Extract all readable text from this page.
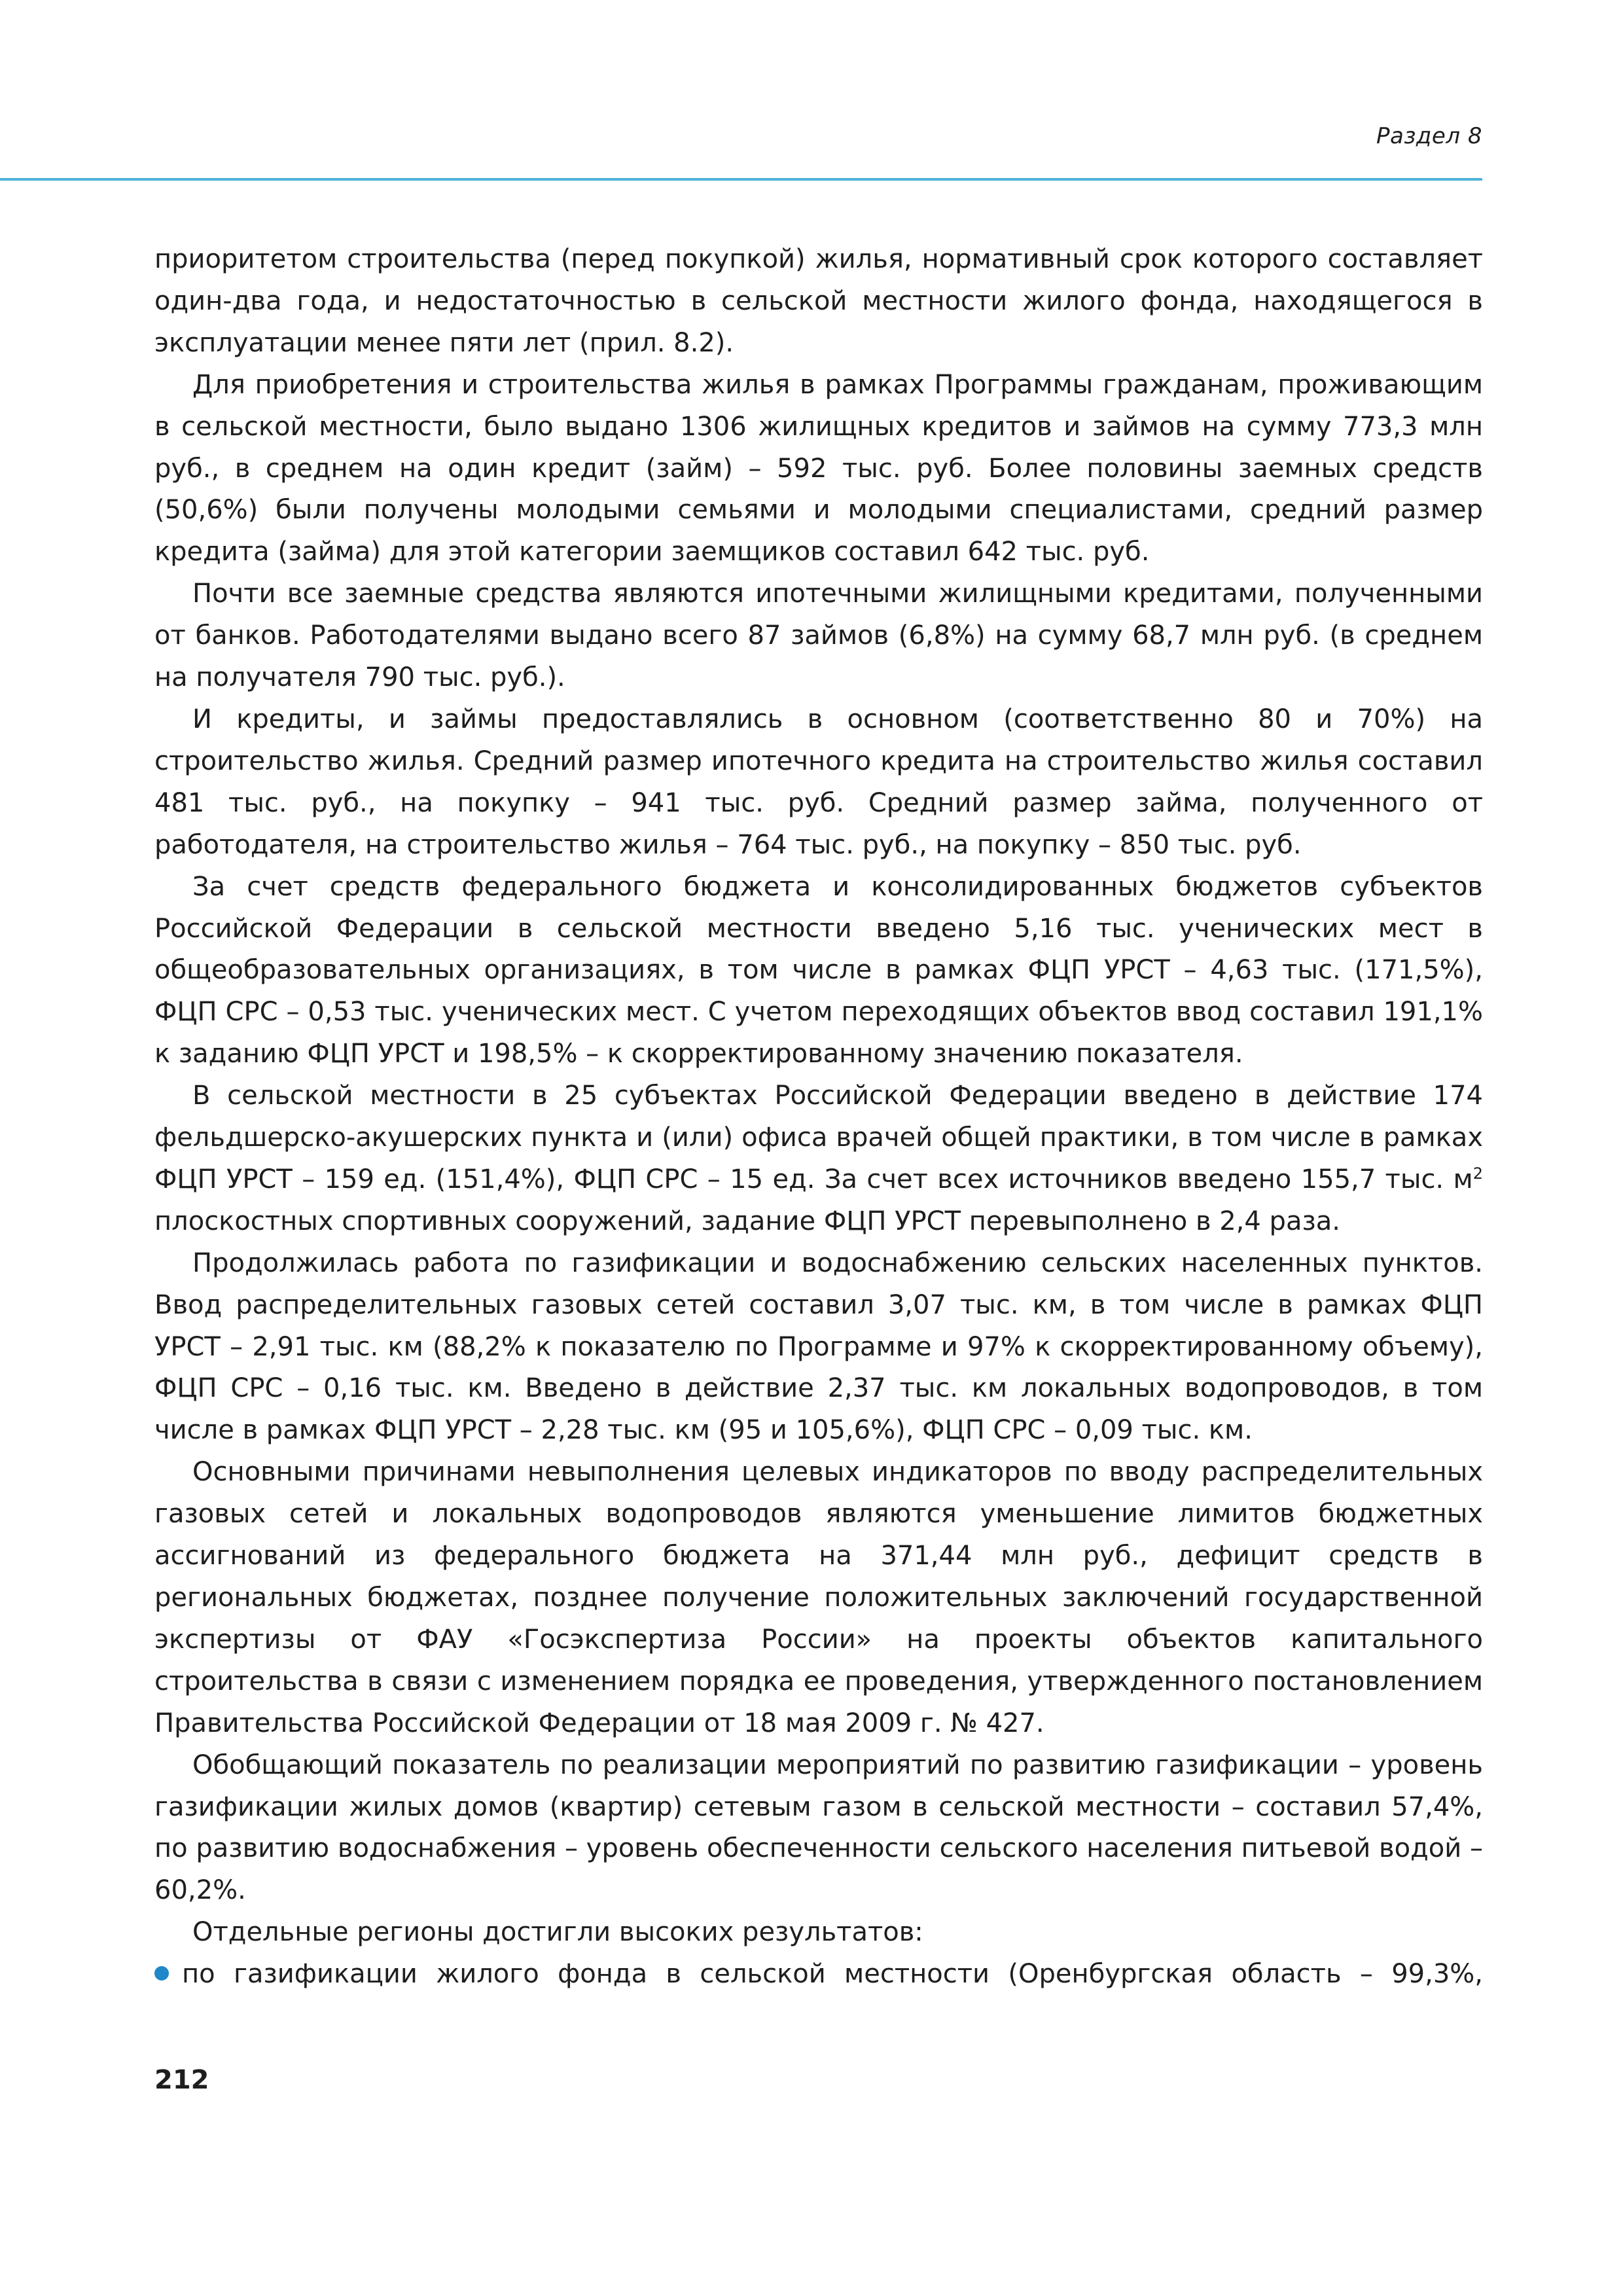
Раздел 8

приоритетом строительства (перед покупкой) жилья, нормативный срок которого составляет один-два года, и недостаточностью в сельской местности жилого фонда, находящегося в эксплуатации менее пяти лет (прил. 8.2).

Для приобретения и строительства жилья в рамках Программы гражданам, проживающим в сельской местности, было выдано 1306 жилищных кредитов и займов на сумму 773,3 млн руб., в среднем на один кредит (займ) – 592 тыс. руб. Более половины заемных средств (50,6%) были получены молодыми семьями и молодыми специалистами, средний размер кредита (займа) для этой категории заемщиков составил 642 тыс. руб.

Почти все заемные средства являются ипотечными жилищными кредитами, полученными от банков. Работодателями выдано всего 87 займов (6,8%) на сумму 68,7 млн руб. (в среднем на получателя 790 тыс. руб.).

И кредиты, и займы предоставлялись в основном (соответственно 80 и 70%) на строительство жилья. Средний размер ипотечного кредита на строительство жилья составил 481 тыс. руб., на покупку – 941 тыс. руб. Средний размер займа, полученного от работодателя, на строительство жилья – 764 тыс. руб., на покупку – 850 тыс. руб.

За счет средств федерального бюджета и консолидированных бюджетов субъектов Российской Федерации в сельской местности введено 5,16 тыс. ученических мест в общеобразовательных организациях, в том числе в рамках ФЦП УРСТ – 4,63 тыс. (171,5%), ФЦП СРС – 0,53 тыс. ученических мест. С учетом переходящих объектов ввод составил 191,1% к заданию ФЦП УРСТ и 198,5% – к скорректированному значению показателя.

В сельской местности в 25 субъектах Российской Федерации введено в действие 174 фельдшерско-акушерских пункта и (или) офиса врачей общей практики, в том числе в рамках ФЦП УРСТ – 159 ед. (151,4%), ФЦП СРС – 15 ед. За счет всех источников введено 155,7 тыс. $м^2$ плоскостных спортивных сооружений, задание ФЦП УРСТ перевыполнено в 2,4 раза.

Продолжилась работа по газификации и водоснабжению сельских населенных пунктов. Ввод распределительных газовых сетей составил 3,07 тыс. км, в том числе в рамках ФЦП УРСТ – 2,91 тыс. км (88,2% к показателю по Программе и 97% к скорректированному объему), ФЦП СРС – 0,16 тыс. км. Введено в действие 2,37 тыс. км локальных водопроводов, в том числе в рамках ФЦП УРСТ – 2,28 тыс. км (95 и 105,6%), ФЦП СРС – 0,09 тыс. км.

Основными причинами невыполнения целевых индикаторов по вводу распределительных газовых сетей и локальных водопроводов являются уменьшение лимитов бюджетных ассигнований из федерального бюджета на 371,44 млн руб., дефицит средств в региональных бюджетах, позднее получение положительных заключений государственной экспертизы от ФАУ «Госэкспертиза России» на проекты объектов капитального строительства в связи с изменением порядка ее проведения, утвержденного постановлением Правительства Российской Федерации от 18 мая 2009 г. № 427.

Обобщающий показатель по реализации мероприятий по развитию газификации – уровень газификации жилых домов (квартир) сетевым газом в сельской местности – составил 57,4%, по развитию водоснабжения – уровень обеспеченности сельского населения питьевой водой – 60,2%.

Отдельные регионы достигли высоких результатов:

по газификации жилого фонда в сельской местности (Оренбургская область – 99,3%,
212
